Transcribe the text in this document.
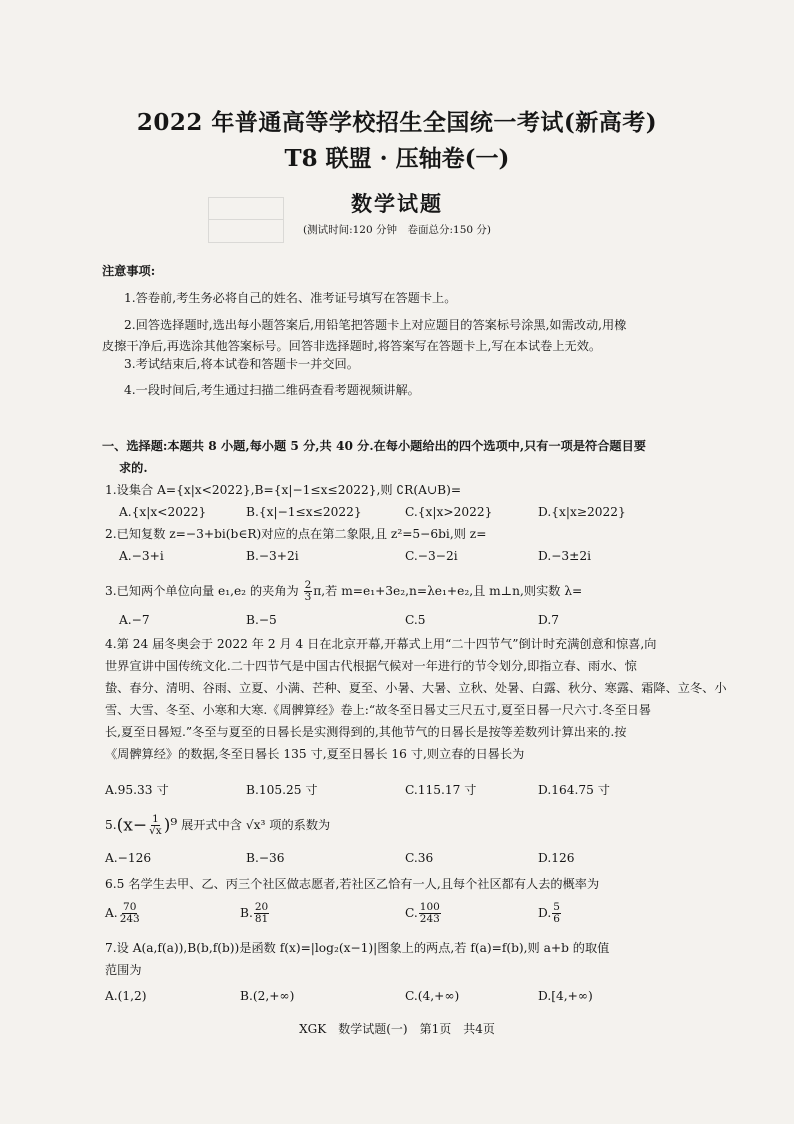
2022 年普通高等学校招生全国统一考试(新高考)
T8 联盟 · 压轴卷(一)
数学试题
(测试时间:120 分钟　卷面总分:150 分)
注意事项:
1.答卷前,考生务必将自己的姓名、准考证号填写在答题卡上。
2.回答选择题时,选出每小题答案后,用铅笔把答题卡上对应题目的答案标号涂黑,如需改动,用橡
皮擦干净后,再选涂其他答案标号。回答非选择题时,将答案写在答题卡上,写在本试卷上无效。
3.考试结束后,将本试卷和答题卡一并交回。
4.一段时间后,考生通过扫描二维码查看考题视频讲解。
一、选择题:本题共 8 小题,每小题 5 分,共 40 分.在每小题给出的四个选项中,只有一项是符合题目要
求的.
1.设集合 A={x|x<2022},B={x|−1≤x≤2022},则 ∁R(A∪B)=
A.{x|x<2022}	B.{x|−1≤x≤2022}	C.{x|x>2022}	D.{x|x≥2022}
2.已知复数 z=−3+bi(b∈R)对应的点在第二象限,且 z²=5−6bi,则 z=
A.−3+i	B.−3+2i	C.−3−2i	D.−3±2i
3.已知两个单位向量 e₁,e₂ 的夹角为 $\frac{2}{3} \pi$,若 m=e₁+3e₂,n=λe₁+e₂,且 m⊥n,则实数 λ=
A.−7	B.−5	C.5	D.7
4.第 24 届冬奥会于 2022 年 2 月 4 日在北京开幕,开幕式上用“二十四节气”倒计时充满创意和惊喜,向
世界宣讲中国传统文化.二十四节气是中国古代根据气候对一年进行的节令划分,即指立春、雨水、惊
蛰、春分、清明、谷雨、立夏、小满、芒种、夏至、小暑、大暑、立秋、处暑、白露、秋分、寒露、霜降、立冬、小
雪、大雪、冬至、小寒和大寒.《周髀算经》卷上:“故冬至日晷丈三尺五寸,夏至日晷一尺六寸.冬至日晷
长,夏至日晷短.”冬至与夏至的日晷长是实测得到的,其他节气的日晷长是按等差数列计算出来的.按
《周髀算经》的数据,冬至日晷长 135 寸,夏至日晷长 16 寸,则立春的日晷长为
A.95.33 寸	B.105.25 寸	C.115.17 寸	D.164.75 寸
$5.(x- \frac{1}{√x} )^9$ 展开式中含 √x³ 项的系数为
A.−126	B.−36	C.36	D.126
6.5 名学生去甲、乙、丙三个社区做志愿者,若社区乙恰有一人,且每个社区都有人去的概率为
A. $\frac{70}{243}$	B. $\frac{20}{81}$	C. $\frac{100}{243}$	D. $\frac{5}{6}$
7.设 A(a,f(a)),B(b,f(b))是函数 f(x)=|log₂(x−1)|图象上的两点,若 f(a)=f(b),则 a+b 的取值
范围为
A.(1,2)	B.(2,+∞)	C.(4,+∞)	D.[4,+∞)
XGK　数学试题(一)　第1页　共4页
